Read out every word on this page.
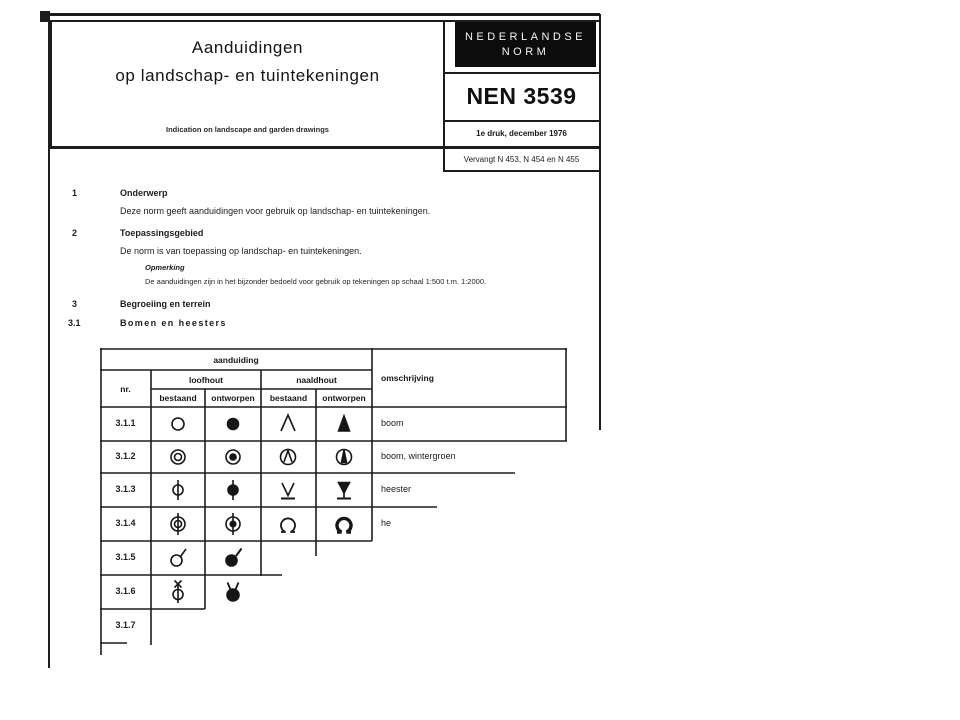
Aanduidingen
op landschap- en tuintekeningen
Indication on landscape and garden drawings
NEDERLANDSE
NORM
NEN 3539
1e druk, december 1976
Vervangt N 453, N 454 en N 455
1	Onderwerp
Deze norm geeft aanduidingen voor gebruik op landschap- en tuintekeningen.
2	Toepassingsgebied
De norm is van toepassing op landschap- en tuintekeningen.
Opmerking
De aanduidingen zijn in het bijzonder bedoeld voor gebruik op tekeningen op schaal 1:500 t.m. 1:2000.
3	Begroeiing en terrein
3.1	Bomen en heesters
aanduiding
nr.
loofhout	naaldhout
bestaand	ontworpen	bestaand	ontworpen
omschrijving
3.1.1	boom
3.1.2	boom, wintergroen
3.1.3	heester
3.1.4	he
3.1.5
3.1.6
3.1.7
